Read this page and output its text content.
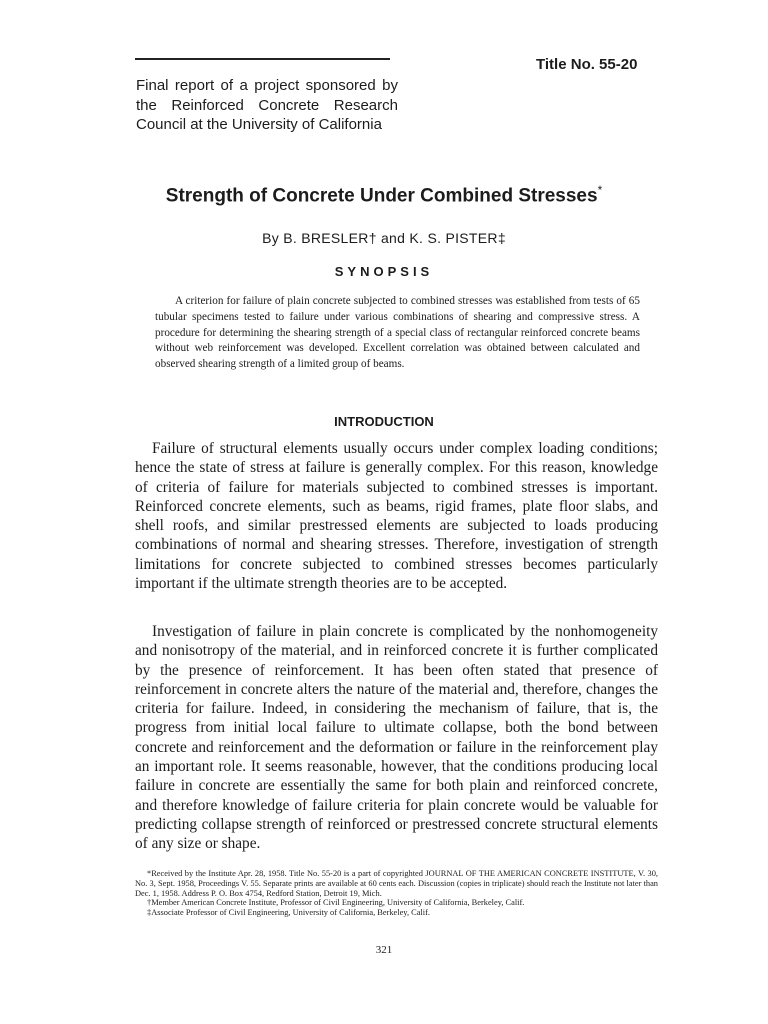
Title No. 55-20
Final report of a project sponsored by the Reinforced Concrete Research Council at the University of California
Strength of Concrete Under Combined Stresses*
By B. BRESLER† and K. S. PISTER‡
SYNOPSIS

A criterion for failure of plain concrete subjected to combined stresses was established from tests of 65 tubular specimens tested to failure under various combinations of shearing and compressive stress. A procedure for determining the shearing strength of a special class of rectangular reinforced concrete beams without web reinforcement was developed. Excellent correlation was obtained between calculated and observed shearing strength of a limited group of beams.

INTRODUCTION

Failure of structural elements usually occurs under complex loading conditions; hence the state of stress at failure is generally complex. For this reason, knowledge of criteria of failure for materials subjected to combined stresses is important. Reinforced concrete elements, such as beams, rigid frames, plate floor slabs, and shell roofs, and similar prestressed elements are subjected to loads producing combinations of normal and shearing stresses. Therefore, investigation of strength limitations for concrete subjected to combined stresses becomes particularly important if the ultimate strength theories are to be accepted.

Investigation of failure in plain concrete is complicated by the nonhomogeneity and nonisotropy of the material, and in reinforced concrete it is further complicated by the presence of reinforcement. It has been often stated that presence of reinforcement in concrete alters the nature of the material and, therefore, changes the criteria for failure. Indeed, in considering the mechanism of failure, that is, the progress from initial local failure to ultimate collapse, both the bond between concrete and reinforcement and the deformation or failure in the reinforcement play an important role. It seems reasonable, however, that the conditions producing local failure in concrete are essentially the same for both plain and reinforced concrete, and therefore knowledge of failure criteria for plain concrete would be valuable for predicting collapse strength of reinforced or prestressed concrete structural elements of any size or shape.

*Received by the Institute Apr. 28, 1958. Title No. 55-20 is a part of copyrighted JOURNAL OF THE AMERICAN CONCRETE INSTITUTE, V. 30, No. 3, Sept. 1958, Proceedings V. 55. Separate prints are available at 60 cents each. Discussion (copies in triplicate) should reach the Institute not later than Dec. 1, 1958. Address P. O. Box 4754, Redford Station, Detroit 19, Mich.

†Member American Concrete Institute, Professor of Civil Engineering, University of California, Berkeley, Calif.

‡Associate Professor of Civil Engineering, University of California, Berkeley, Calif.

321
